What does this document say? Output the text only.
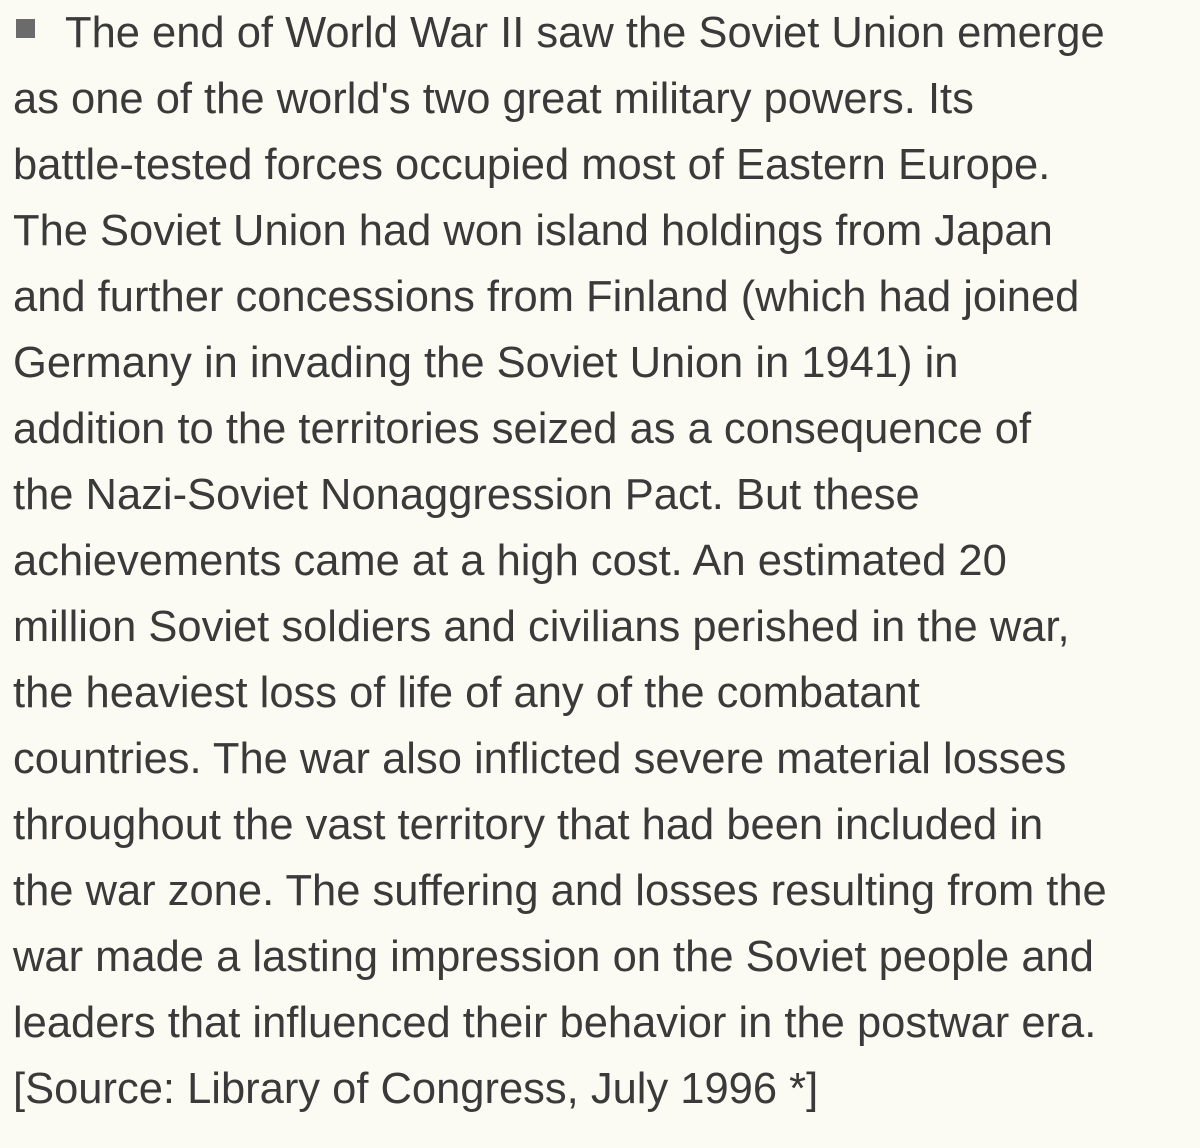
The end of World War II saw the Soviet Union emerge
as one of the world's two great military powers. Its
battle-tested forces occupied most of Eastern Europe.
The Soviet Union had won island holdings from Japan
and further concessions from Finland (which had joined
Germany in invading the Soviet Union in 1941) in
addition to the territories seized as a consequence of
the Nazi-Soviet Nonaggression Pact. But these
achievements came at a high cost. An estimated 20
million Soviet soldiers and civilians perished in the war,
the heaviest loss of life of any of the combatant
countries. The war also inflicted severe material losses
throughout the vast territory that had been included in
the war zone. The suffering and losses resulting from the
war made a lasting impression on the Soviet people and
leaders that influenced their behavior in the postwar era.
[Source: Library of Congress, July 1996 *]
